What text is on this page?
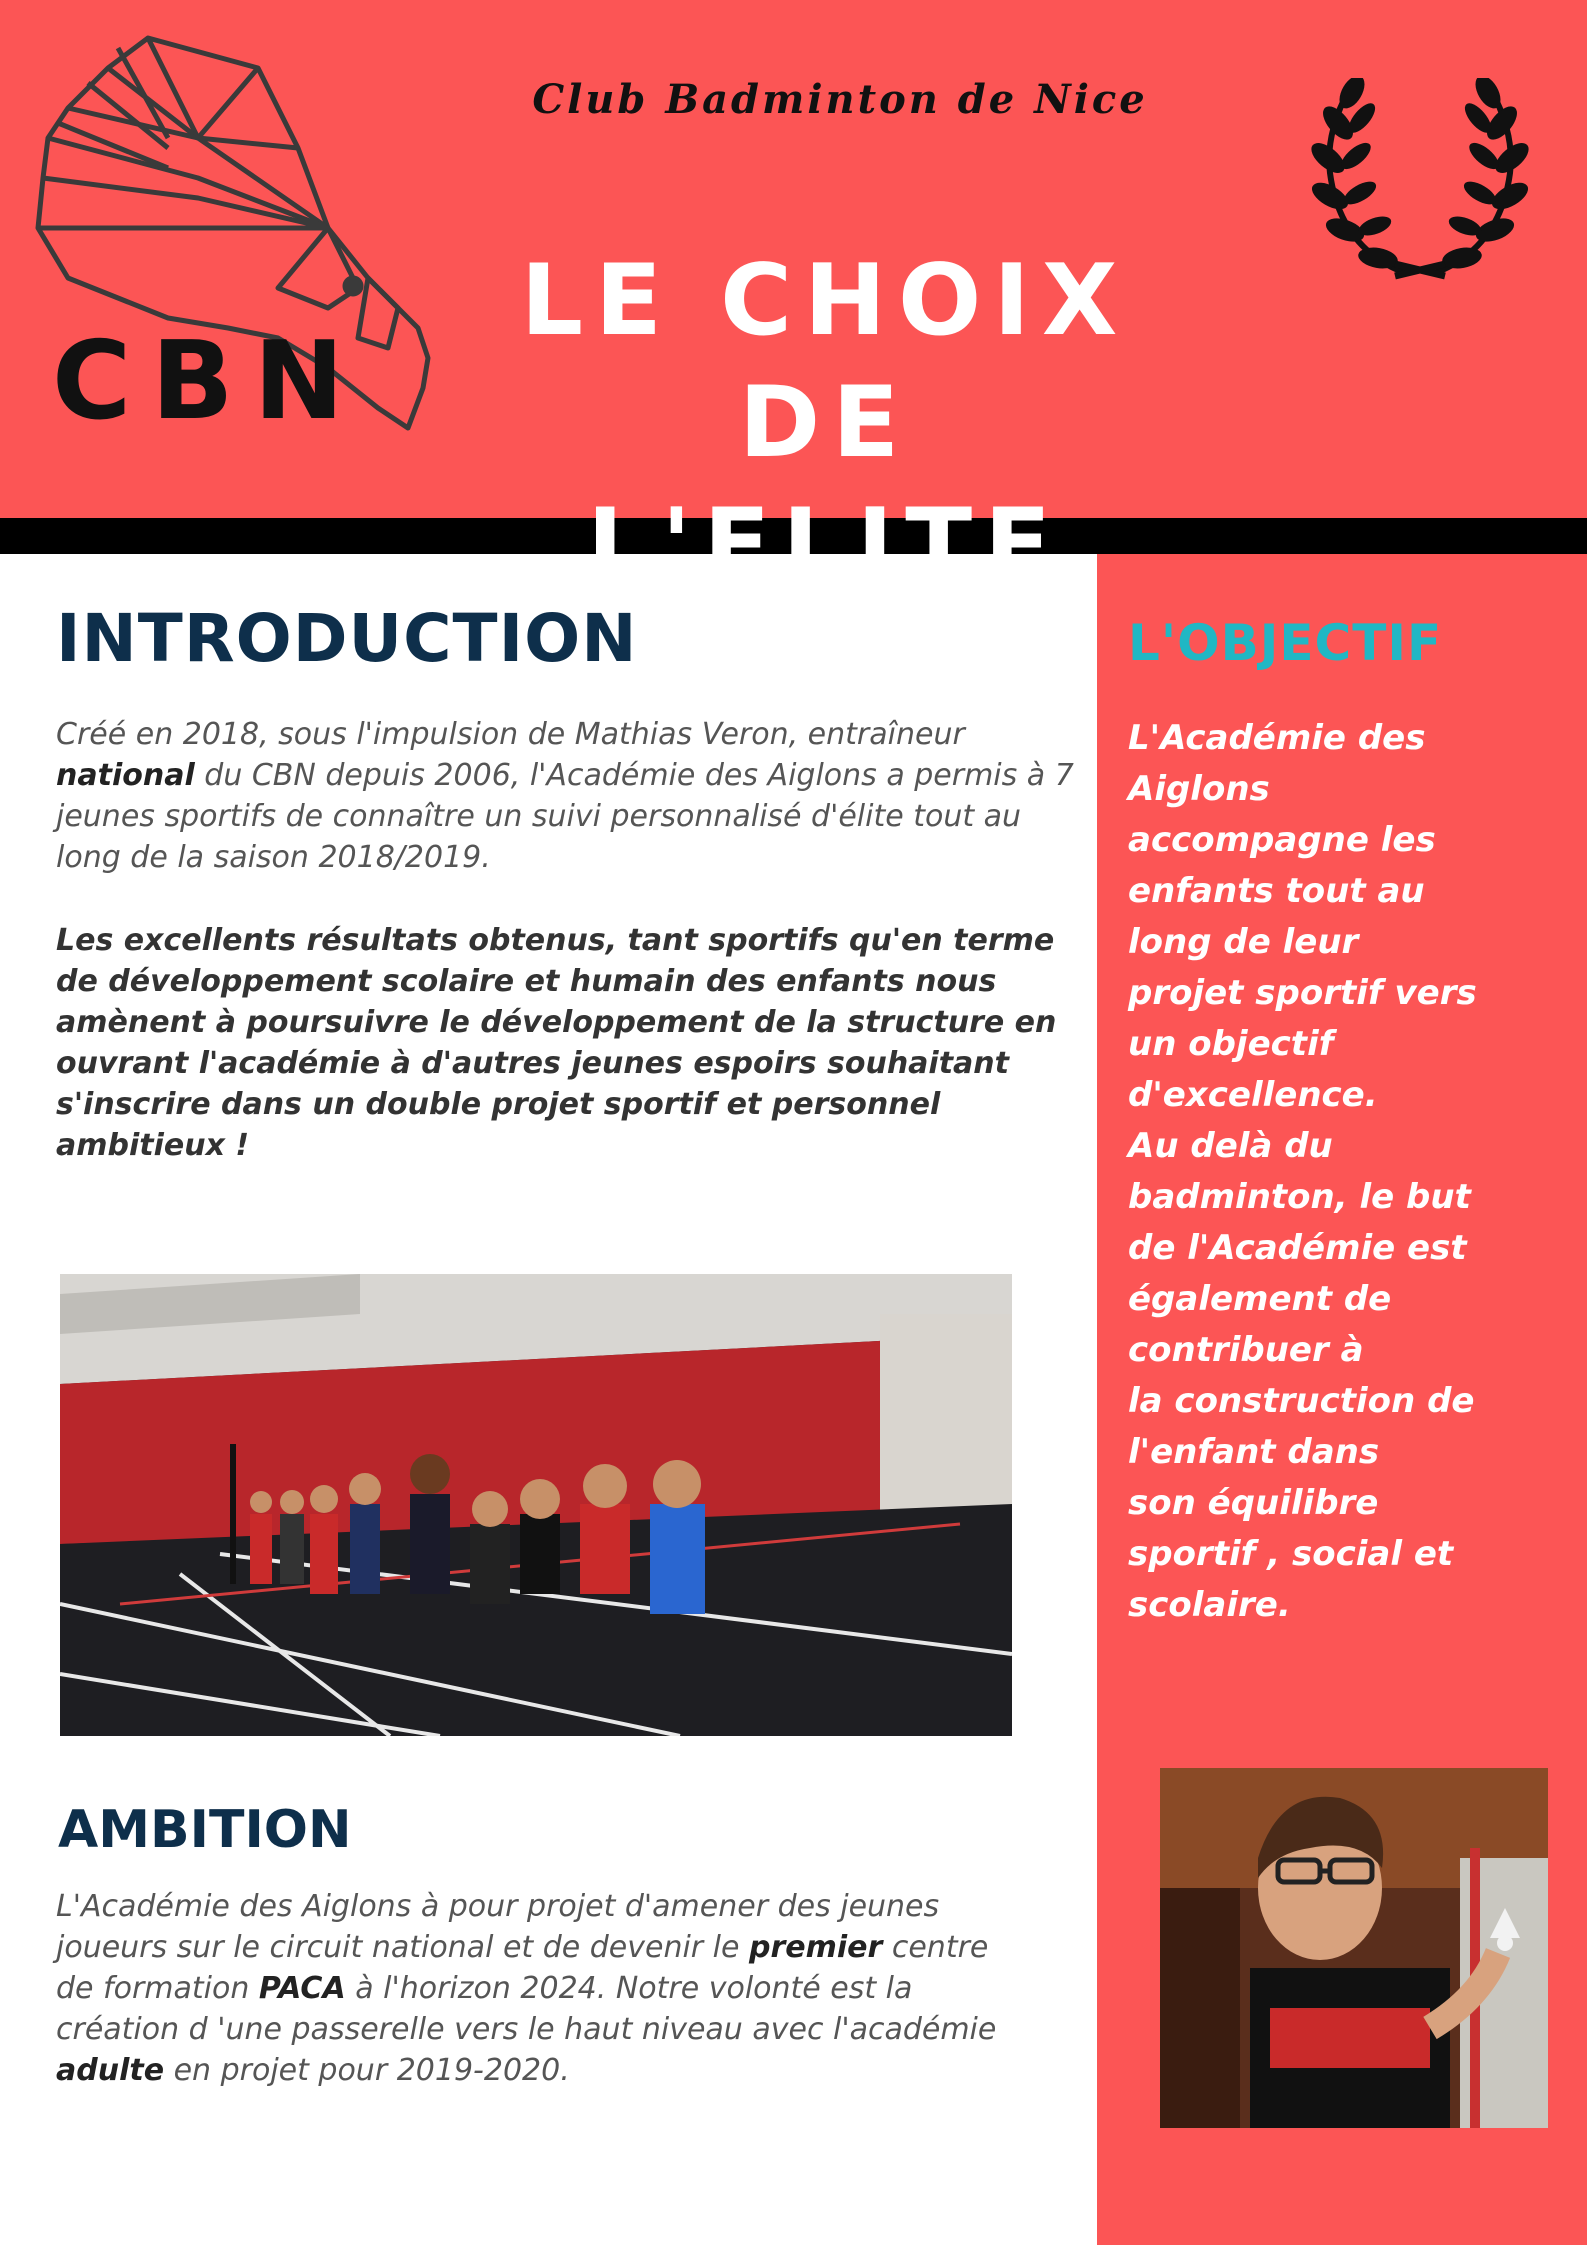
CBN
Club Badminton de Nice
LE CHOIX DE
L'ELITE
INTRODUCTION
Créé en 2018, sous l'impulsion de Mathias Veron, entraîneur national du CBN depuis 2006, l'Académie des Aiglons a permis à 7 jeunes sportifs de connaître un suivi personnalisé d'élite tout au long de la saison 2018/2019.
Les excellents résultats obtenus, tant sportifs qu'en terme de développement scolaire et humain des enfants nous amènent à poursuivre le développement de la structure en ouvrant l'académie à d'autres jeunes espoirs souhaitant s'inscrire dans un double projet sportif et personnel ambitieux !
AMBITION
L'Académie des Aiglons à pour projet d'amener des jeunes
joueurs sur le circuit national et de devenir le premier centre
de formation PACA à l'horizon 2024. Notre volonté est la
création d 'une passerelle vers le haut niveau avec l'académie
adulte en projet pour 2019-2020.
L'OBJECTIF
L'Académie des
Aiglons
accompagne les
enfants tout au
long de leur
projet sportif vers
un objectif
d'excellence.
Au delà du
badminton, le but
de l'Académie est
également de
contribuer à
la construction de
l'enfant dans
son équilibre
sportif , social et
scolaire.
